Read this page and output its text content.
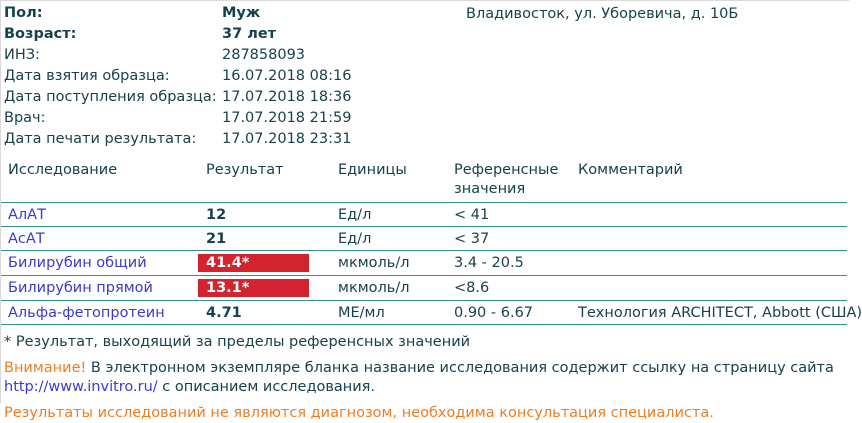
Владивосток, ул. Уборевича, д. 10Б
Пол:	Муж
Возраст:	37 лет
ИНЗ:	287858093
Дата взятия образца:	16.07.2018 08:16
Дата поступления образца: 17.07.2018 18:36
Врач:	17.07.2018 21:59
Дата печати результата:	17.07.2018 23:31
Исследование	Результат	Единицы	Референсные значения	Комментарий
АлАТ	12	Ед/л	< 41	
АсАТ	21	Ед/л	< 37	
Билирубин общий	41.4*	мкмоль/л	3.4 - 20.5	
Билирубин прямой	13.1*	мкмоль/л	<8.6	
Альфа-фетопротеин	4.71	МЕ/мл	0.90 - 6.67	Технология ARCHITECT, Abbott (США)
* Результат, выходящий за пределы референсных значений
Внимание! В электронном экземпляре бланка название исследования содержит ссылку на страницу сайта
http://www.invitro.ru/ с описанием исследования.
Результаты исследований не являются диагнозом, необходима консультация специалиста.
